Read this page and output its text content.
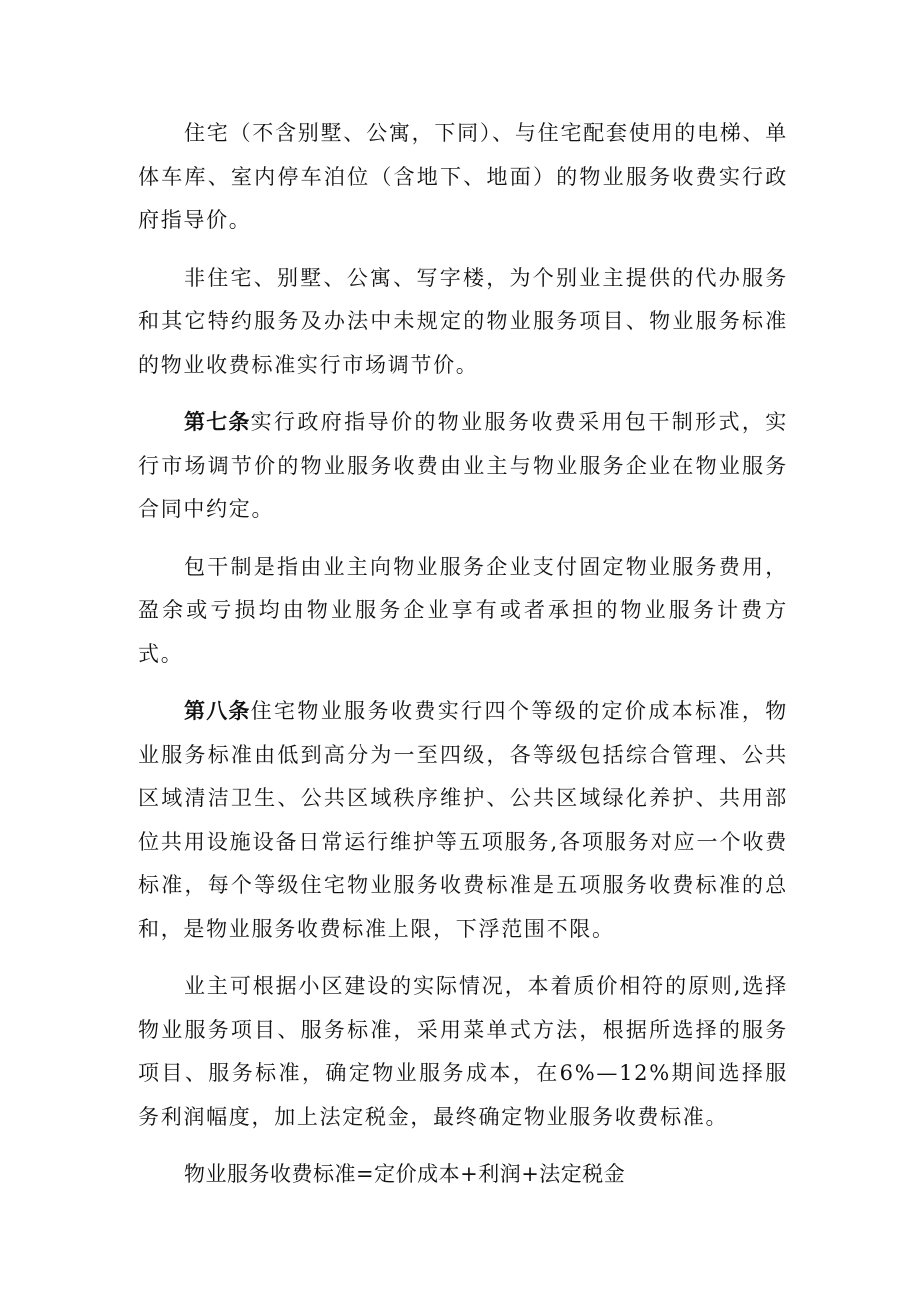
住宅（不含别墅、公寓，下同）、与住宅配套使用的电梯、单体车库、室内停车泊位（含地下、地面）的物业服务收费实行政府指导价。

非住宅、别墅、公寓、写字楼，为个别业主提供的代办服务和其它特约服务及办法中未规定的物业服务项目、物业服务标准的物业收费标准实行市场调节价。

第七条实行政府指导价的物业服务收费采用包干制形式，实行市场调节价的物业服务收费由业主与物业服务企业在物业服务合同中约定。

包干制是指由业主向物业服务企业支付固定物业服务费用，盈余或亏损均由物业服务企业享有或者承担的物业服务计费方式。

第八条住宅物业服务收费实行四个等级的定价成本标准，物业服务标准由低到高分为一至四级，各等级包括综合管理、公共区域清洁卫生、公共区域秩序维护、公共区域绿化养护、共用部位共用设施设备日常运行维护等五项服务,各项服务对应一个收费标准，每个等级住宅物业服务收费标准是五项服务收费标准的总和，是物业服务收费标准上限，下浮范围不限。

业主可根据小区建设的实际情况，本着质价相符的原则,选择物业服务项目、服务标准，采用菜单式方法，根据所选择的服务项目、服务标准，确定物业服务成本，在6%—12%期间选择服务利润幅度，加上法定税金，最终确定物业服务收费标准。

物业服务收费标准=定价成本+利润+法定税金
